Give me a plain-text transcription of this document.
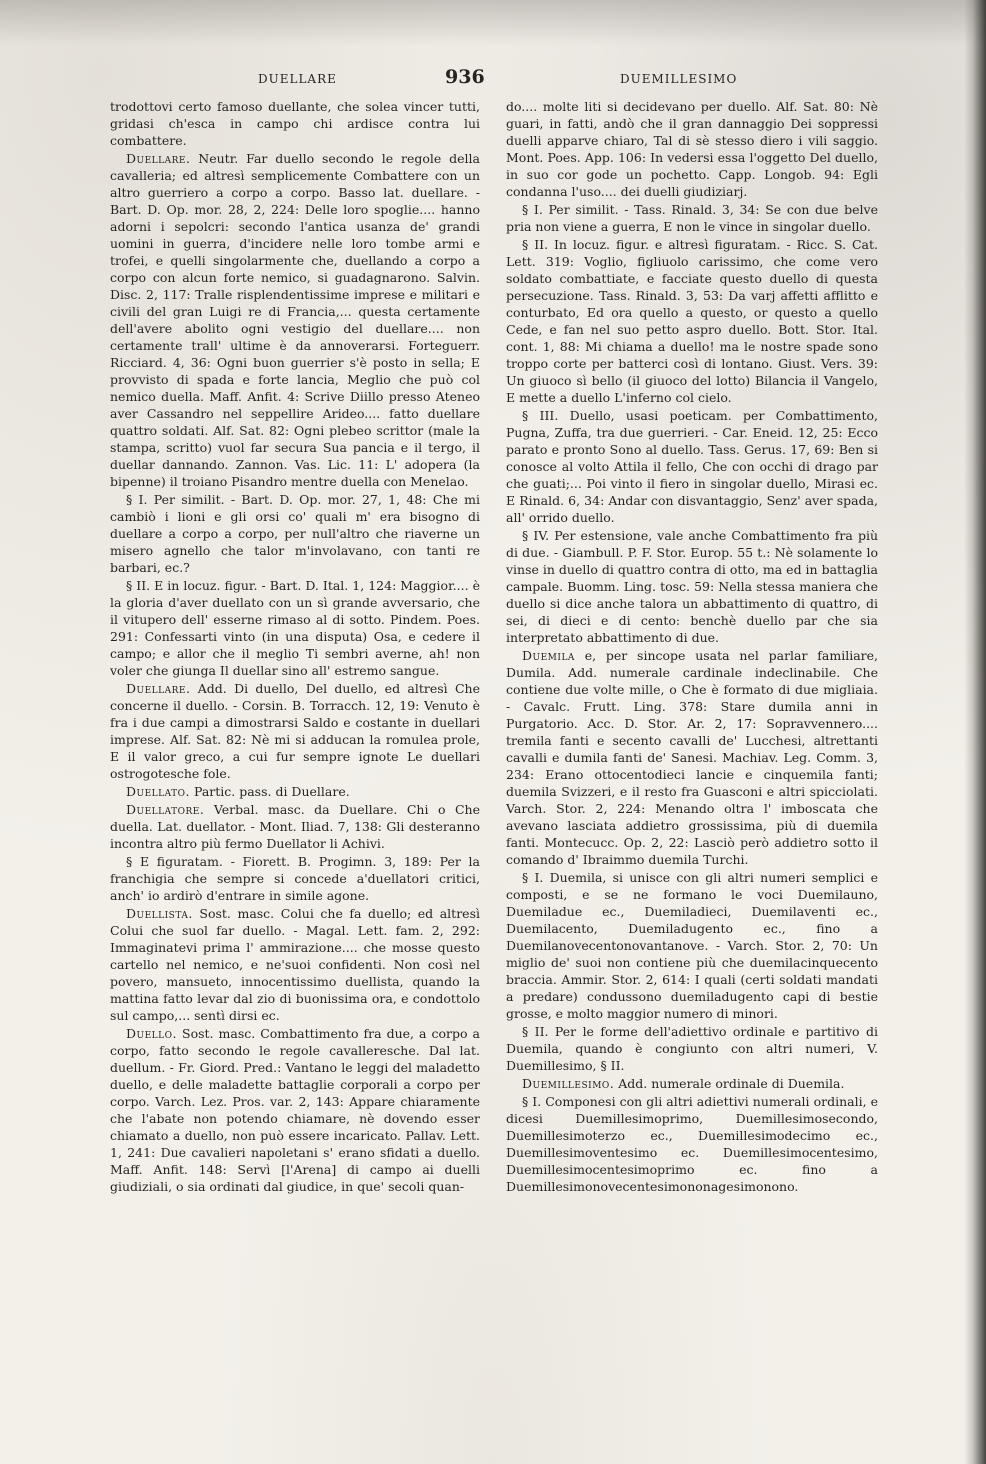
DUELLARE	936	DUEMILLESIMO

trodottovi certo famoso duellante, che solea vincer tutti, gridasi ch'esca in campo chi ardisce contra lui combattere.

Duellare. Neutr. Far duello secondo le regole della cavalleria; ed altresì semplicemente Combattere con un altro guerriero a corpo a corpo. Basso lat. duellare. - Bart. D. Op. mor. 28, 2, 224: Delle loro spoglie.... hanno adorni i sepolcri: secondo l'antica usanza de' grandi uomini in guerra, d'incidere nelle loro tombe armi e trofei, e quelli singolarmente che, duellando a corpo a corpo con alcun forte nemico, si guadagnarono. Salvin. Disc. 2, 117: Tralle risplendentissime imprese e militari e civili del gran Luigi re di Francia,... questa certamente dell'avere abolito ogni vestigio del duellare.... non certamente trall' ultime è da annoverarsi. Forteguerr. Ricciard. 4, 36: Ogni buon guerrier s'è posto in sella; E provvisto di spada e forte lancia, Meglio che può col nemico duella. Maff. Anfit. 4: Scrive Diillo presso Ateneo aver Cassandro nel seppellire Arideo.... fatto duellare quattro soldati. Alf. Sat. 82: Ogni plebeo scrittor (male la stampa, scritto) vuol far secura Sua pancia e il tergo, il duellar dannando. Zannon. Vas. Lic. 11: L' adopera (la bipenne) il troiano Pisandro mentre duella con Menelao.

§ I. Per similit. - Bart. D. Op. mor. 27, 1, 48: Che mi cambiò i lioni e gli orsi co' quali m' era bisogno di duellare a corpo a corpo, per null'altro che riaverne un misero agnello che talor m'involavano, con tanti re barbari, ec.?

§ II. E in locuz. figur. - Bart. D. Ital. 1, 124: Maggior.... è la gloria d'aver duellato con un sì grande avversario, che il vitupero dell' esserne rimaso al di sotto. Pindem. Poes. 291: Confessarti vinto (in una disputa) Osa, e cedere il campo; e allor che il meglio Ti sembri averne, ah! non voler che giunga Il duellar sino all' estremo sangue.

Duellare. Add. Di duello, Del duello, ed altresì Che concerne il duello. - Corsin. B. Torracch. 12, 19: Venuto è fra i due campi a dimostrarsi Saldo e costante in duellari imprese. Alf. Sat. 82: Nè mi si adducan la romulea prole, E il valor greco, a cui fur sempre ignote Le duellari ostrogotesche fole.

Duellato. Partic. pass. di Duellare.

Duellatore. Verbal. masc. da Duellare. Chi o Che duella. Lat. duellator. - Mont. Iliad. 7, 138: Gli desteranno incontra altro più fermo Duellator li Achivi.

§ E figuratam. - Fiorett. B. Progimn. 3, 189: Per la franchigia che sempre si concede a'duellatori critici, anch' io ardirò d'entrare in simile agone.

Duellista. Sost. masc. Colui che fa duello; ed altresì Colui che suol far duello. - Magal. Lett. fam. 2, 292: Immaginatevi prima l' ammirazione.... che mosse questo cartello nel nemico, e ne'suoi confidenti. Non così nel povero, mansueto, innocentissimo duellista, quando la mattina fatto levar dal zio di buonissima ora, e condottolo sul campo,... sentì dirsi ec.

Duello. Sost. masc. Combattimento fra due, a corpo a corpo, fatto secondo le regole cavalleresche. Dal lat. duellum. - Fr. Giord. Pred.: Vantano le leggi del maladetto duello, e delle maladette battaglie corporali a corpo per corpo. Varch. Lez. Pros. var. 2, 143: Appare chiaramente che l'abate non potendo chiamare, nè dovendo esser chiamato a duello, non può essere incaricato. Pallav. Lett. 1, 241: Due cavalieri napoletani s' erano sfidati a duello. Maff. Anfit. 148: Servì [l'Arena] di campo ai duelli giudiziali, o sia ordinati dal giudice, in que' secoli quan-

do.... molte liti si decidevano per duello. Alf. Sat. 80: Nè guari, in fatti, andò che il gran dannaggio Dei soppressi duelli apparve chiaro, Tal di sè stesso diero i vili saggio. Mont. Poes. App. 106: In vedersi essa l'oggetto Del duello, in suo cor gode un pochetto. Capp. Longob. 94: Egli condanna l'uso.... dei duelli giudiziarj.

§ I. Per similit. - Tass. Rinald. 3, 34: Se con due belve pria non viene a guerra, E non le vince in singolar duello.

§ II. In locuz. figur. e altresì figuratam. - Ricc. S. Cat. Lett. 319: Voglio, figliuolo carissimo, che come vero soldato combattiate, e facciate questo duello di questa persecuzione. Tass. Rinald. 3, 53: Da varj affetti afflitto e conturbato, Ed ora quello a questo, or questo a quello Cede, e fan nel suo petto aspro duello. Bott. Stor. Ital. cont. 1, 88: Mi chiama a duello! ma le nostre spade sono troppo corte per batterci così di lontano. Giust. Vers. 39: Un giuoco sì bello (il giuoco del lotto) Bilancia il Vangelo, E mette a duello L'inferno col cielo.

§ III. Duello, usasi poeticam. per Combattimento, Pugna, Zuffa, tra due guerrieri. - Car. Eneid. 12, 25: Ecco parato e pronto Sono al duello. Tass. Gerus. 17, 69: Ben si conosce al volto Attila il fello, Che con occhi di drago par che guati;... Poi vinto il fiero in singolar duello, Mirasi ec. E Rinald. 6, 34: Andar con disvantaggio, Senz' aver spada, all' orrido duello.

§ IV. Per estensione, vale anche Combattimento fra più di due. - Giambull. P. F. Stor. Europ. 55 t.: Nè solamente lo vinse in duello di quattro contra di otto, ma ed in battaglia campale. Buomm. Ling. tosc. 59: Nella stessa maniera che duello si dice anche talora un abbattimento di quattro, di sei, di dieci e di cento: benchè duello par che sia interpretato abbattimento di due.

Duemila e, per sincope usata nel parlar familiare, Dumila. Add. numerale cardinale indeclinabile. Che contiene due volte mille, o Che è formato di due migliaia. - Cavalc. Frutt. Ling. 378: Stare dumila anni in Purgatorio. Acc. D. Stor. Ar. 2, 17: Sopravvennero.... tremila fanti e secento cavalli de' Lucchesi, altrettanti cavalli e dumila fanti de' Sanesi. Machiav. Leg. Comm. 3, 234: Erano ottocentodieci lancie e cinquemila fanti; duemila Svizzeri, e il resto fra Guasconi e altri spicciolati. Varch. Stor. 2, 224: Menando oltra l' imboscata che avevano lasciata addietro grossissima, più di duemila fanti. Montecucc. Op. 2, 22: Lasciò però addietro sotto il comando d' Ibraimmo duemila Turchi.

§ I. Duemila, si unisce con gli altri numeri semplici e composti, e se ne formano le voci Duemilauno, Duemiladue ec., Duemiladieci, Duemilaventi ec., Duemilacento, Duemiladugento ec., fino a Duemilanovecentonovantanove. - Varch. Stor. 2, 70: Un miglio de' suoi non contiene più che duemilacinquecento braccia. Ammir. Stor. 2, 614: I quali (certi soldati mandati a predare) condussono duemiladugento capi di bestie grosse, e molto maggior numero di minori.

§ II. Per le forme dell'adiettivo ordinale e partitivo di Duemila, quando è congiunto con altri numeri, V. Duemillesimo, § II.

Duemillesimo. Add. numerale ordinale di Duemila.

§ I. Componesi con gli altri adiettivi numerali ordinali, e dicesi Duemillesimoprimo, Duemillesimosecondo, Duemillesimoterzo ec., Duemillesimodecimo ec., Duemillesimoventesimo ec. Duemillesimocentesimo, Duemillesimocentesimoprimo ec. fino a Duemillesimonovecentesimononagesimonono.
